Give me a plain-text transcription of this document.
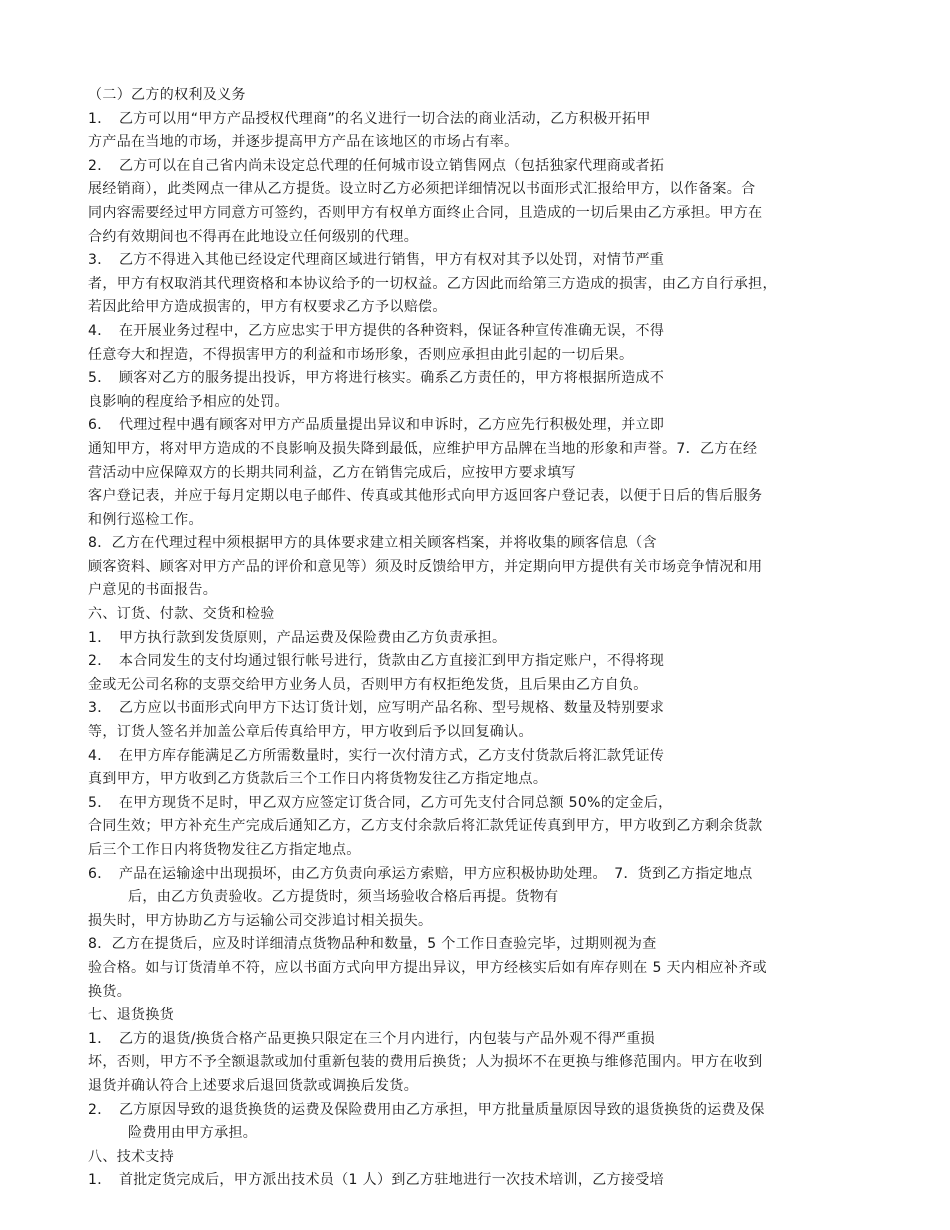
（二）乙方的权利及义务
1．　乙方可以用“甲方产品授权代理商”的名义进行一切合法的商业活动，乙方积极开拓甲
方产品在当地的市场，并逐步提高甲方产品在该地区的市场占有率。
2．　乙方可以在自己省内尚未设定总代理的任何城市设立销售网点（包括独家代理商或者拓
展经销商），此类网点一律从乙方提货。设立时乙方必须把详细情况以书面形式汇报给甲方，以作备案。合
同内容需要经过甲方同意方可签约，否则甲方有权单方面终止合同，且造成的一切后果由乙方承担。甲方在
合约有效期间也不得再在此地设立任何级别的代理。
3．　乙方不得进入其他已经设定代理商区域进行销售，甲方有权对其予以处罚，对情节严重
者，甲方有权取消其代理资格和本协议给予的一切权益。乙方因此而给第三方造成的损害，由乙方自行承担，
若因此给甲方造成损害的，甲方有权要求乙方予以赔偿。
4．　在开展业务过程中，乙方应忠实于甲方提供的各种资料，保证各种宣传准确无误，不得
任意夸大和捏造，不得损害甲方的利益和市场形象，否则应承担由此引起的一切后果。
5．　顾客对乙方的服务提出投诉，甲方将进行核实。确系乙方责任的，甲方将根据所造成不
良影响的程度给予相应的处罚。
6．　代理过程中遇有顾客对甲方产品质量提出异议和申诉时，乙方应先行积极处理，并立即
通知甲方，将对甲方造成的不良影响及损失降到最低，应维护甲方品牌在当地的形象和声誉。7．乙方在经
营活动中应保障双方的长期共同利益，乙方在销售完成后，应按甲方要求填写
客户登记表，并应于每月定期以电子邮件、传真或其他形式向甲方返回客户登记表，以便于日后的售后服务
和例行巡检工作。
8．乙方在代理过程中须根据甲方的具体要求建立相关顾客档案，并将收集的顾客信息（含
顾客资料、顾客对甲方产品的评价和意见等）须及时反馈给甲方，并定期向甲方提供有关市场竞争情况和用
户意见的书面报告。
六、订货、付款、交货和检验
1．　甲方执行款到发货原则，产品运费及保险费由乙方负责承担。
2．　本合同发生的支付均通过银行帐号进行，货款由乙方直接汇到甲方指定账户，不得将现
金或无公司名称的支票交给甲方业务人员，否则甲方有权拒绝发货，且后果由乙方自负。
3．　乙方应以书面形式向甲方下达订货计划，应写明产品名称、型号规格、数量及特别要求
等，订货人签名并加盖公章后传真给甲方，甲方收到后予以回复确认。
4．　在甲方库存能满足乙方所需数量时，实行一次付清方式，乙方支付货款后将汇款凭证传
真到甲方，甲方收到乙方货款后三个工作日内将货物发往乙方指定地点。
5．　在甲方现货不足时，甲乙双方应签定订货合同，乙方可先支付合同总额 50%的定金后，
合同生效；甲方补充生产完成后通知乙方，乙方支付余款后将汇款凭证传真到甲方，甲方收到乙方剩余货款
后三个工作日内将货物发往乙方指定地点。
6．　产品在运输途中出现损坏，由乙方负责向承运方索赔，甲方应积极协助处理。　7．货到乙方指定地点
后，由乙方负责验收。乙方提货时，须当场验收合格后再提。货物有
损失时，甲方协助乙方与运输公司交涉追讨相关损失。
8．乙方在提货后，应及时详细清点货物品种和数量，5 个工作日查验完毕，过期则视为查
验合格。如与订货清单不符，应以书面方式向甲方提出异议，甲方经核实后如有库存则在 5 天内相应补齐或
换货。
七、退货换货
1．　乙方的退货/换货合格产品更换只限定在三个月内进行，内包装与产品外观不得严重损
坏，否则，甲方不予全额退款或加付重新包装的费用后换货；人为损坏不在更换与维修范围内。甲方在收到
退货并确认符合上述要求后退回货款或调换后发货。
2．　乙方原因导致的退货换货的运费及保险费用由乙方承担，甲方批量质量原因导致的退货换货的运费及保
险费用由甲方承担。
八、技术支持
1．　首批定货完成后，甲方派出技术员（1 人）到乙方驻地进行一次技术培训，乙方接受培
